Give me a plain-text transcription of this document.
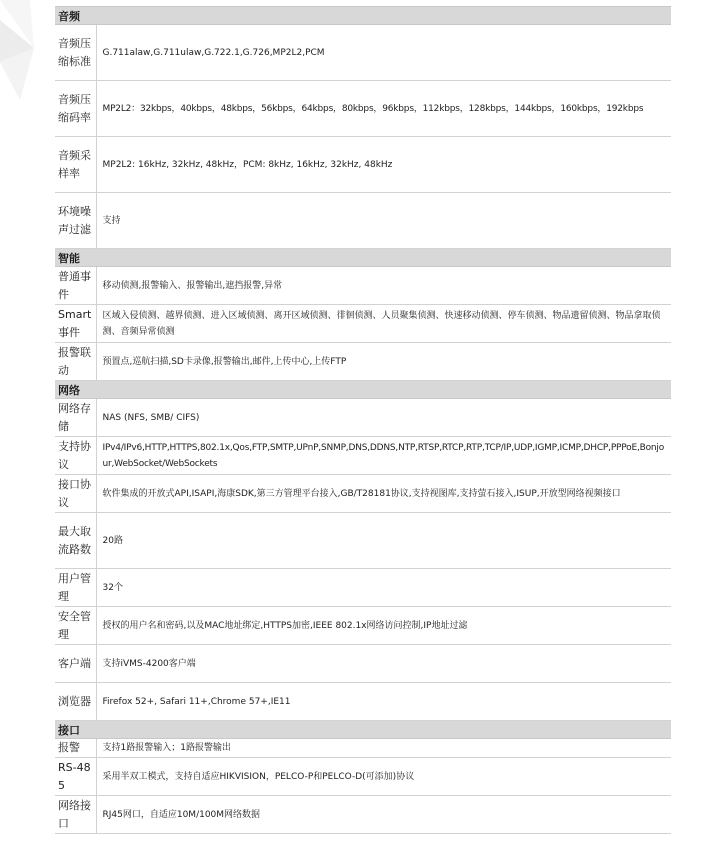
音频	
音频压缩标准	G.711alaw,G.711ulaw,G.722.1,G.726,MP2L2,PCM
音频压缩码率	MP2L2：32kbps，40kbps，48kbps，56kbps，64kbps，80kbps，96kbps，112kbps，128kbps，144kbps，160kbps，192kbps
音频采样率	MP2L2: 16kHz, 32kHz, 48kHz，PCM: 8kHz, 16kHz, 32kHz, 48kHz
环境噪声过滤	支持
智能	
普通事件	移动侦测,报警输入、报警输出,遮挡报警,异常
Smart事件	区域入侵侦测、越界侦测、进入区域侦测、离开区域侦测、徘徊侦测、人员聚集侦测、快速移动侦测、停车侦测、物品遗留侦测、物品拿取侦测、音频异常侦测
报警联动	预置点,巡航扫描,SD卡录像,报警输出,邮件,上传中心,上传FTP
网络	
网络存储	NAS (NFS, SMB/ CIFS)
支持协议	IPv4/IPv6,HTTP,HTTPS,802.1x,Qos,FTP,SMTP,UPnP,SNMP,DNS,DDNS,NTP,RTSP,RTCP,RTP,TCP/IP,UDP,IGMP,ICMP,DHCP,PPPoE,Bonjour,WebSocket/WebSockets
接口协议	软件集成的开放式API,ISAPI,海康SDK,第三方管理平台接入,GB/T28181协议,支持视图库,支持萤石接入,ISUP,开放型网络视频接口
最大取流路数	20路
用户管理	32个
安全管理	授权的用户名和密码,以及MAC地址绑定,HTTPS加密,IEEE 802.1x网络访问控制,IP地址过滤
客户端	支持iVMS-4200客户端
浏览器	Firefox 52+, Safari 11+,Chrome 57+,IE11
接口	
报警	支持1路报警输入；1路报警输出
RS-485	采用半双工模式，支持自适应HIKVISION，PELCO-P和PELCO-D(可添加)协议
网络接口	RJ45网口，自适应10M/100M网络数据
